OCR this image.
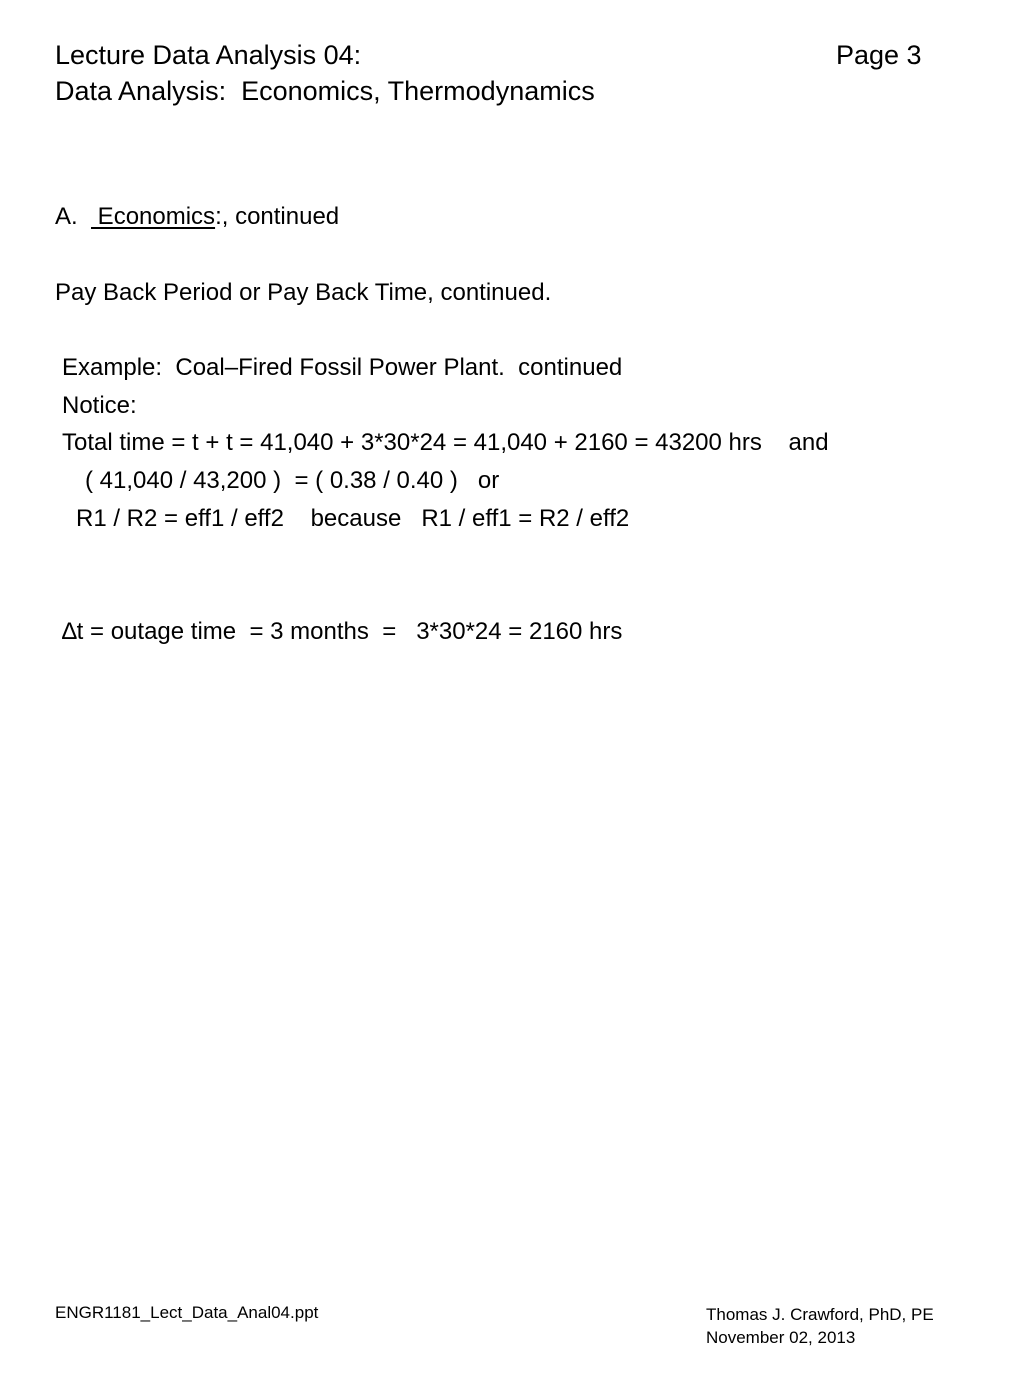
Lecture Data Analysis 04:	Page 3
Data Analysis:  Economics, Thermodynamics
A.   Economics:, continued
Pay Back Period or Pay Back Time, continued.
Example:  Coal–Fired Fossil Power Plant.  continued
Notice:
Total time = t + t = 41,040 + 3*30*24 = 41,040 + 2160 = 43200 hrs    and
( 41,040 / 43,200 )  = ( 0.38 / 0.40 )   or
R1 / R2 = eff1 / eff2    because   R1 / eff1 = R2 / eff2
∆t = outage time  = 3 months  =   3*30*24 = 2160 hrs
ENGR1181_Lect_Data_Anal04.ppt	Thomas J. Crawford, PhD, PE
November 02, 2013
